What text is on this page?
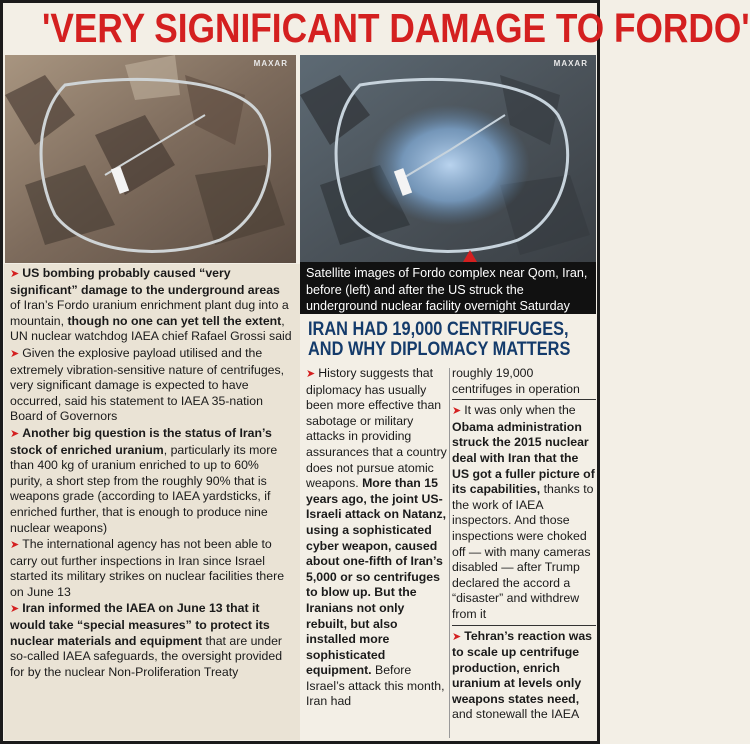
'VERY SIGNIFICANT DAMAGE TO FORDO'
MAXAR	MAXAR
Satellite images of Fordo complex near Qom, Iran, before (left) and after the US struck the underground nuclear facility overnight Saturday

➤ US bombing probably caused “very significant” damage to the underground areas of Iran’s Fordo uranium enrichment plant dug into a mountain, though no one can yet tell the extent, UN nuclear watchdog IAEA chief Rafael Grossi said

➤ Given the explosive payload utilised and the extremely vibration-sensitive nature of centrifuges, very significant damage is expected to have occurred, said his statement to IAEA 35-nation Board of Governors

➤ Another big question is the status of Iran’s stock of enriched uranium, particularly its more than 400 kg of uranium enriched to up to 60% purity, a short step from the roughly 90% that is weapons grade (according to IAEA yardsticks, if enriched further, that is enough to produce nine nuclear weapons)

➤ The international agency has not been able to carry out further inspections in Iran since Israel started its military strikes on nuclear facilities there on June 13

➤ Iran informed the IAEA on June 13 that it would take “special measures” to protect its nuclear materials and equipment that are under so-called IAEA safeguards, the oversight provided for by the nuclear Non-Proliferation Treaty

IRAN HAD 19,000 CENTRIFUGES,
AND WHY DIPLOMACY MATTERS
➤ History suggests that diplomacy has usually been more effective than sabotage or military attacks in providing assurances that a country does not pursue atomic weapons. More than 15 years ago, the joint US-Israeli attack on Natanz, using a sophisticated cyber weapon, caused about one-fifth of Iran’s 5,000 or so centrifuges to blow up. But the Iranians not only rebuilt, but also installed more sophisticated equipment. Before Israel’s attack this month, Iran had
roughly 19,000 centrifuges in operation
➤ It was only when the Obama administration struck the 2015 nuclear deal with Iran that the US got a fuller picture of its capabilities, thanks to the work of IAEA inspectors. And those inspections were choked off — with many cameras disabled — after Trump declared the accord a “disaster” and withdrew from it
➤ Tehran’s reaction was to scale up centrifuge production, enrich uranium at levels only weapons states need, and stonewall the IAEA
